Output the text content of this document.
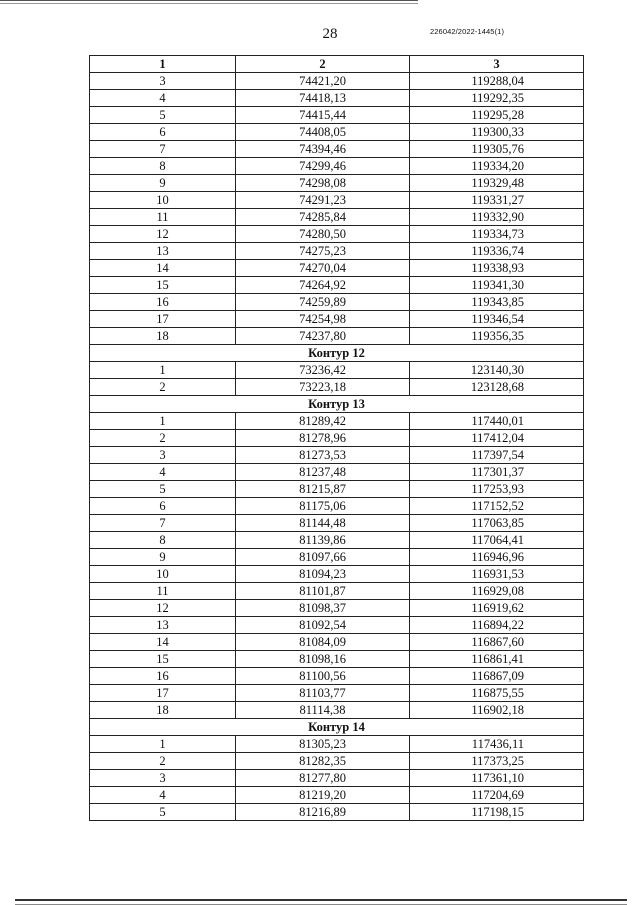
28	226042/2022-1445(1)
1	2	3
3	74421,20	119288,04
4	74418,13	119292,35
5	74415,44	119295,28
6	74408,05	119300,33
7	74394,46	119305,76
8	74299,46	119334,20
9	74298,08	119329,48
10	74291,23	119331,27
11	74285,84	119332,90
12	74280,50	119334,73
13	74275,23	119336,74
14	74270,04	119338,93
15	74264,92	119341,30
16	74259,89	119343,85
17	74254,98	119346,54
18	74237,80	119356,35
Контур 12		
1	73236,42	123140,30
2	73223,18	123128,68
Контур 13		
1	81289,42	117440,01
2	81278,96	117412,04
3	81273,53	117397,54
4	81237,48	117301,37
5	81215,87	117253,93
6	81175,06	117152,52
7	81144,48	117063,85
8	81139,86	117064,41
9	81097,66	116946,96
10	81094,23	116931,53
11	81101,87	116929,08
12	81098,37	116919,62
13	81092,54	116894,22
14	81084,09	116867,60
15	81098,16	116861,41
16	81100,56	116867,09
17	81103,77	116875,55
18	81114,38	116902,18
Контур 14		
1	81305,23	117436,11
2	81282,35	117373,25
3	81277,80	117361,10
4	81219,20	117204,69
5	81216,89	117198,15
